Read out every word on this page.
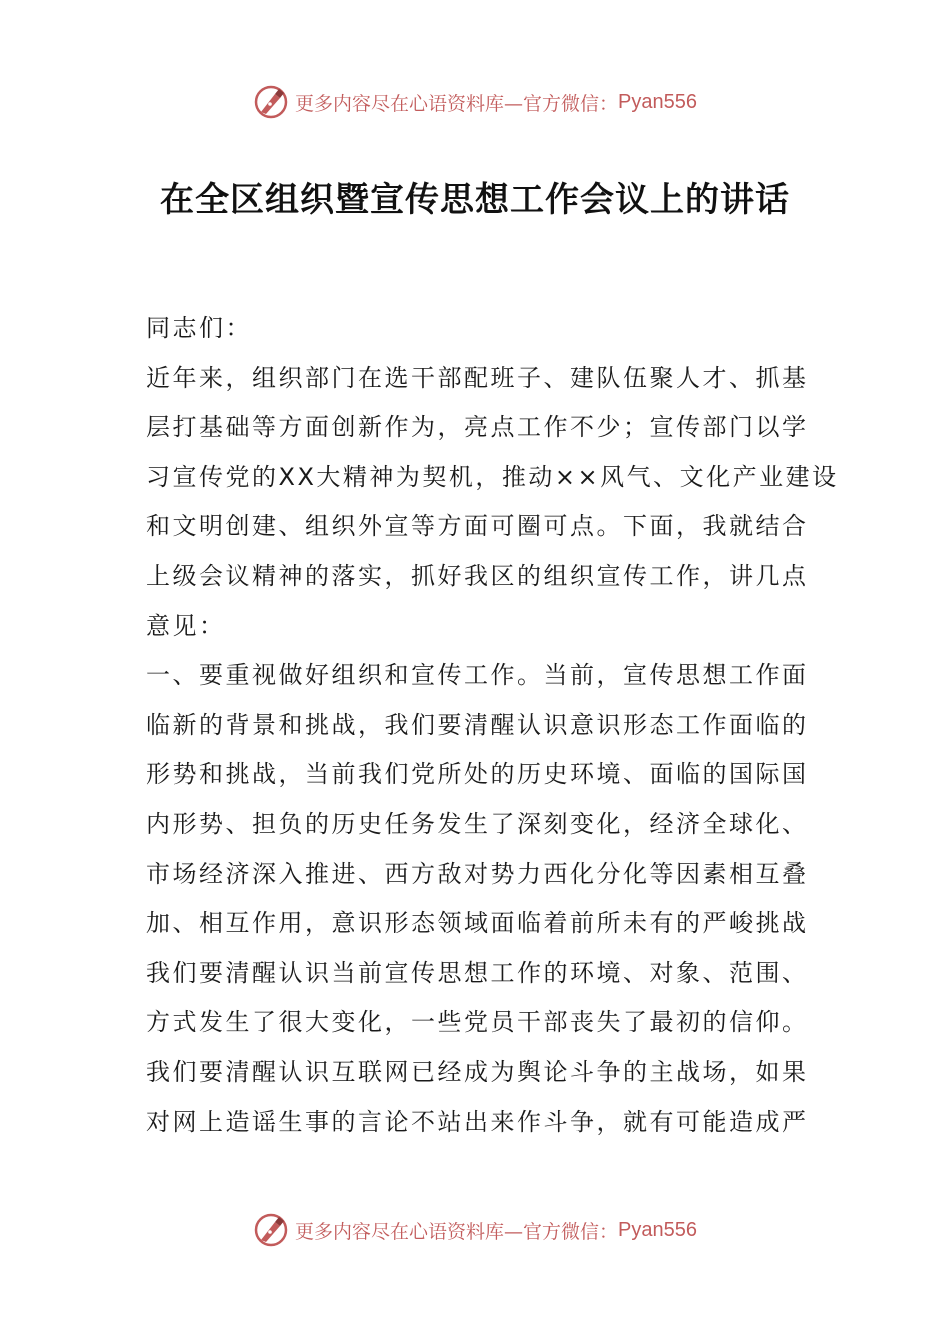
更多内容尽在心语资料库—官方微信： Pyan556
在全区组织暨宣传思想工作会议上的讲话
同志们：
近年来，组织部门在选干部配班子、建队伍聚人才、抓基
层打基础等方面创新作为，亮点工作不少；宣传部门以学
习宣传党的XX大精神为契机，推动××风气、文化产业建设
和文明创建、组织外宣等方面可圈可点。下面，我就结合
上级会议精神的落实，抓好我区的组织宣传工作，讲几点
意见：
一、要重视做好组织和宣传工作。当前，宣传思想工作面
临新的背景和挑战，我们要清醒认识意识形态工作面临的
形势和挑战，当前我们党所处的历史环境、面临的国际国
内形势、担负的历史任务发生了深刻变化，经济全球化、
市场经济深入推进、西方敌对势力西化分化等因素相互叠
加、相互作用，意识形态领域面临着前所未有的严峻挑战
我们要清醒认识当前宣传思想工作的环境、对象、范围、
方式发生了很大变化，一些党员干部丧失了最初的信仰。
我们要清醒认识互联网已经成为舆论斗争的主战场，如果
对网上造谣生事的言论不站出来作斗争，就有可能造成严
更多内容尽在心语资料库—官方微信： Pyan556
